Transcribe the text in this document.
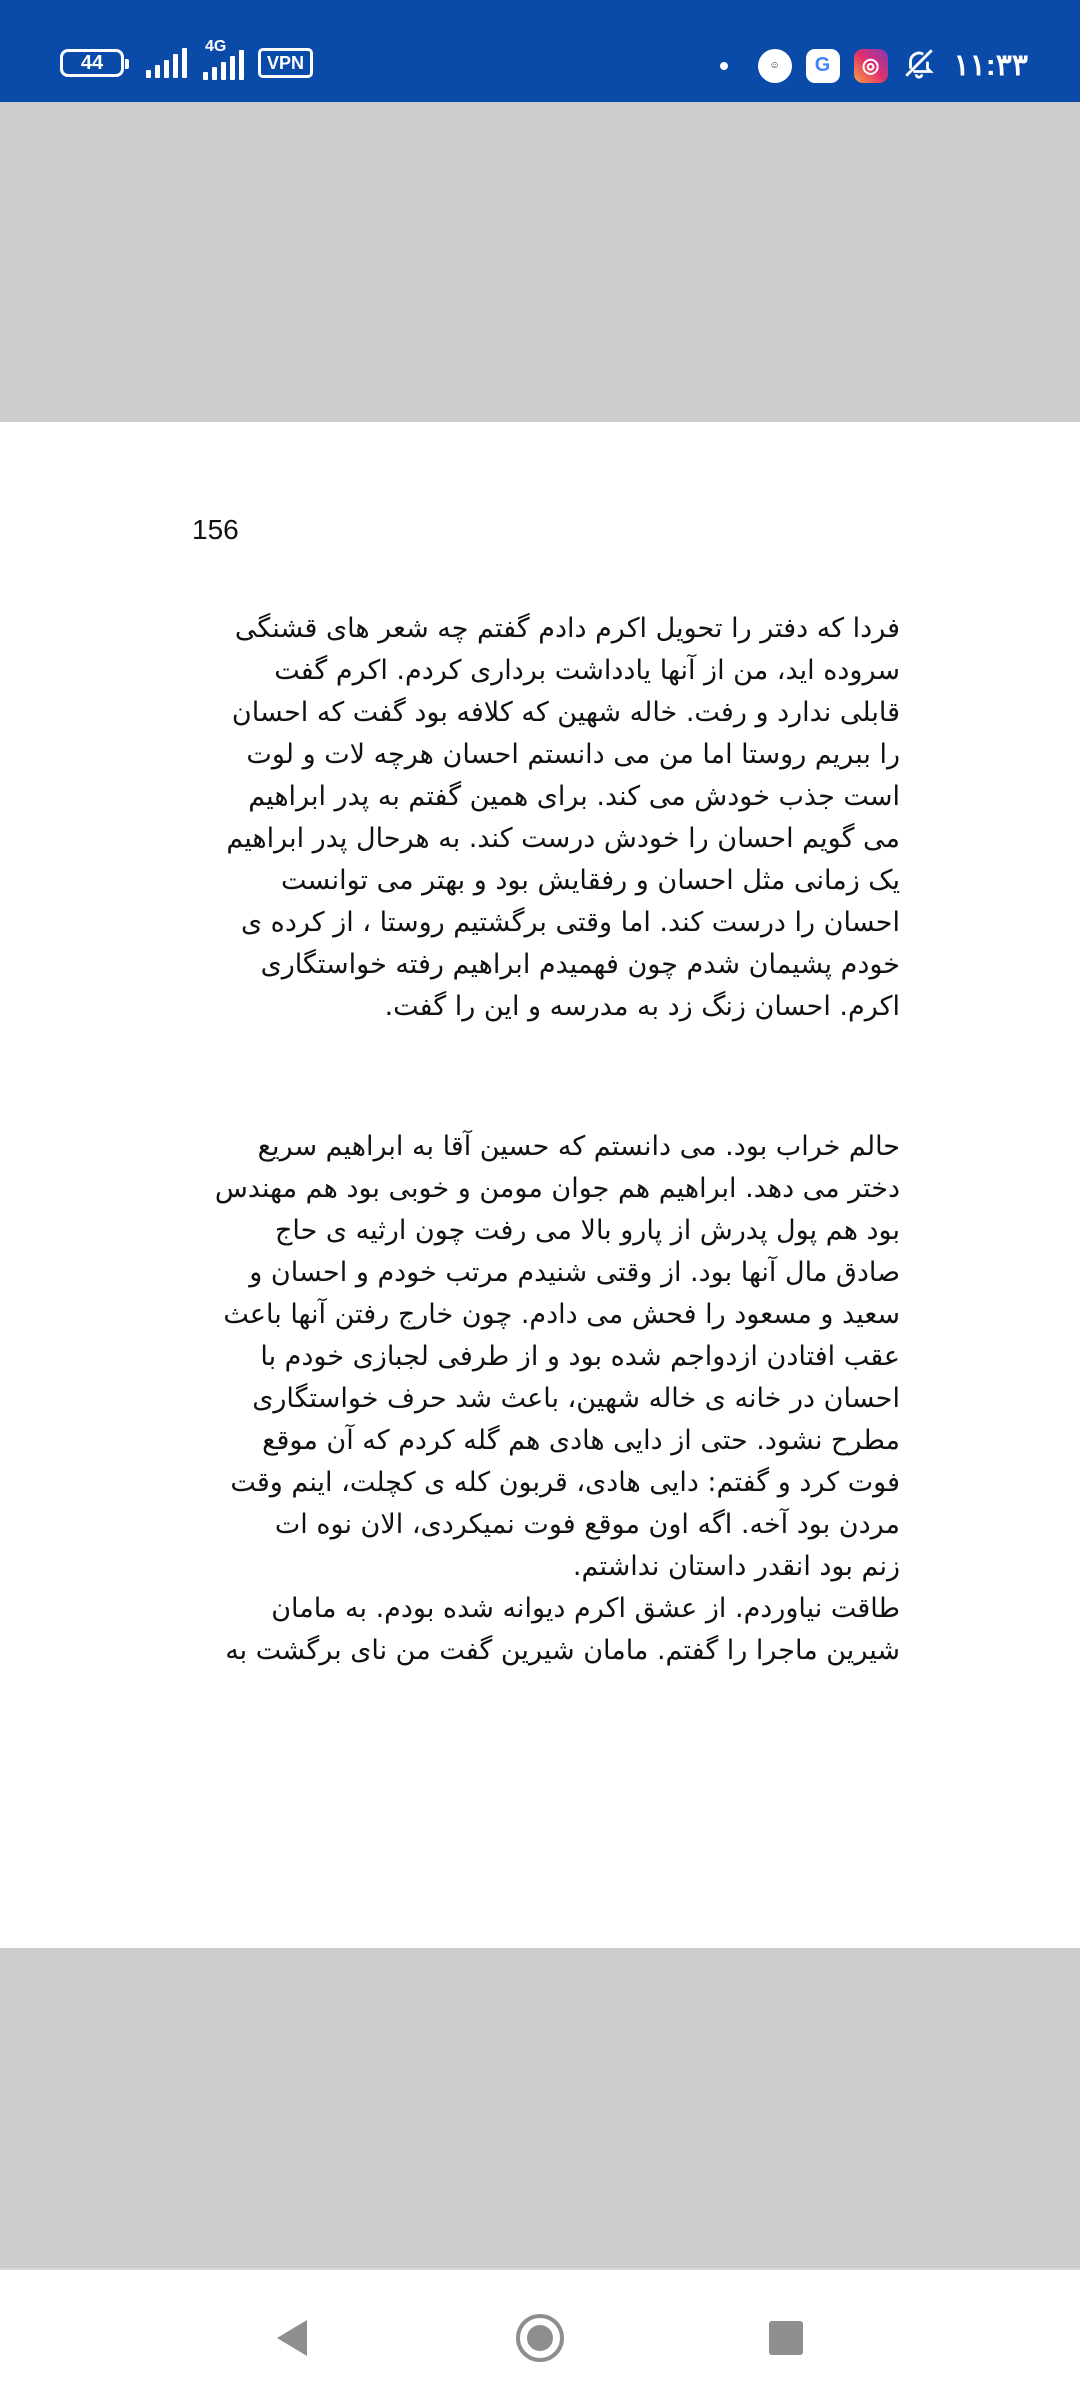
44
4G
VPN	☺	G	◎ ۱۱:۳۳
156

فردا که دفتر را تحویل اکرم دادم گفتم چه شعر های قشنگی

سروده اید، من از آنها یادداشت برداری کردم. اکرم گفت

قابلی ندارد و رفت. خاله شهین که کلافه بود گفت که احسان

را ببریم روستا اما من می دانستم احسان هرچه لات و لوت

است جذب خودش می کند. برای همین گفتم به پدر ابراهیم

می گویم احسان را خودش درست کند. به هرحال پدر ابراهیم

یک زمانی مثل احسان و رفقایش بود و بهتر می توانست

احسان را درست کند. اما وقتی برگشتیم روستا ، از کرده ی

خودم پشیمان شدم چون فهمیدم ابراهیم رفته خواستگاری

اکرم. احسان زنگ زد به مدرسه و این را گفت.

حالم خراب بود. می دانستم که حسین آقا به ابراهیم سریع

دختر می دهد. ابراهیم هم جوان مومن و خوبی بود هم مهندس

بود هم پول پدرش از پارو بالا می رفت چون ارثیه ی حاج

صادق مال آنها بود. از وقتی شنیدم مرتب خودم و احسان و

سعید و مسعود را فحش می دادم. چون خارج رفتن آنها باعث

عقب افتادن ازدواجم شده بود و از طرفی لجبازی خودم با

احسان در خانه ی خاله شهین، باعث شد حرف خواستگاری

مطرح نشود. حتی از دایی هادی هم گله کردم که آن موقع

فوت کرد و گفتم: دایی هادی، قربون کله ی کچلت، اینم وقت

مردن بود آخه. اگه اون موقع فوت نمیکردی، الان نوه ات

زنم بود انقدر داستان نداشتم.

طاقت نیاوردم. از عشق اکرم دیوانه شده بودم. به مامان

شیرین ماجرا را گفتم. مامان شیرین گفت من نای برگشت به
